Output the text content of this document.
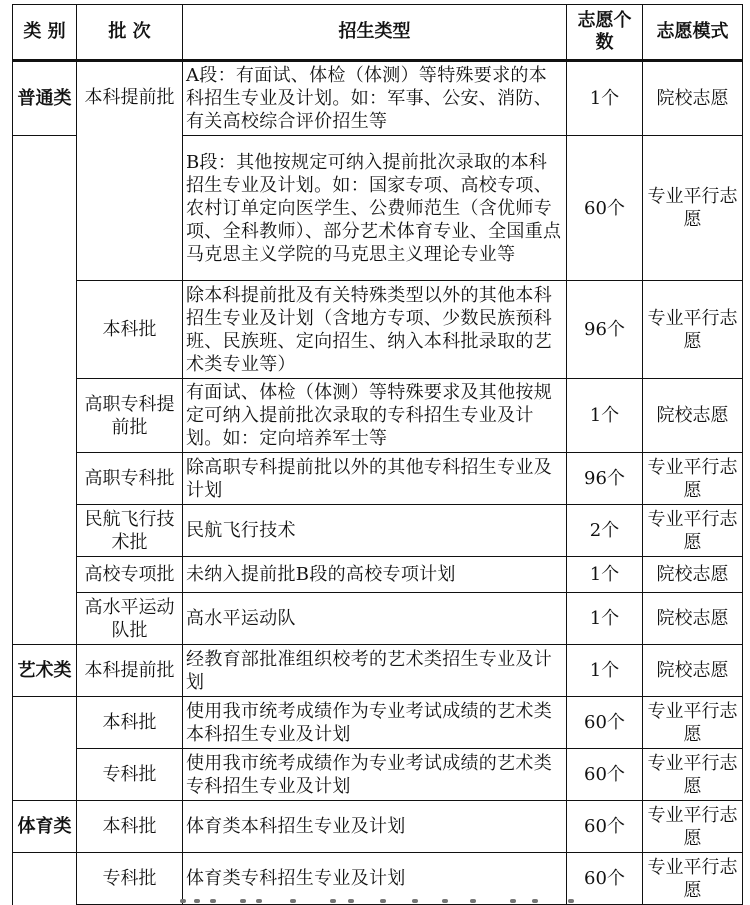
类 别	批 次	招生类型	志愿个数	志愿模式
普通类	本科提前批	A段：有面试、体检（体测）等特殊要求的本科招生专业及计划。如：军事、公安、消防、有关高校综合评价招生等	1个	院校志愿
		B段：其他按规定可纳入提前批次录取的本科招生专业及计划。如：国家专项、高校专项、农村订单定向医学生、公费师范生（含优师专项、全科教师）、部分艺术体育专业、全国重点马克思主义学院的马克思主义理论专业等	60个	专业平行志愿
	本科批	除本科提前批及有关特殊类型以外的其他本科招生专业及计划（含地方专项、少数民族预科班、民族班、定向招生、纳入本科批录取的艺术类专业等）	96个	专业平行志愿
	高职专科提前批	有面试、体检（体测）等特殊要求及其他按规定可纳入提前批次录取的专科招生专业及计划。如：定向培养军士等	1个	院校志愿
	高职专科批	除高职专科提前批以外的其他专科招生专业及计划	96个	专业平行志愿
	民航飞行技术批	民航飞行技术	2个	专业平行志愿
	高校专项批	未纳入提前批B段的高校专项计划	1个	院校志愿
	高水平运动队批	高水平运动队	1个	院校志愿
艺术类	本科提前批	经教育部批准组织校考的艺术类招生专业及计划	1个	院校志愿
	本科批	使用我市统考成绩作为专业考试成绩的艺术类本科招生专业及计划	60个	专业平行志愿
	专科批	使用我市统考成绩作为专业考试成绩的艺术类专科招生专业及计划	60个	专业平行志愿
体育类	本科批	体育类本科招生专业及计划	60个	专业平行志愿
	专科批	体育类专科招生专业及计划	60个	专业平行志愿
